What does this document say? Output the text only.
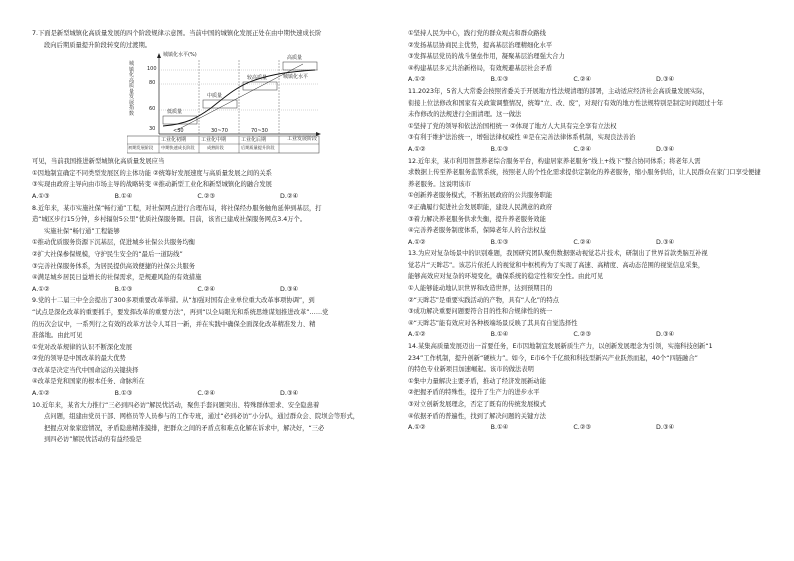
7.下面是新型城镇化高质量发展的四个阶段规律示意图。当前中国的城镇化发展正处在由中期快速成长阶

段向后期质量提升阶段转变的过渡期。

城镇化水平(%)
100
80
60
30
城镇化高质量发展指数
高质量
较高质量
中质量
低质量
城镇化水平
工业发展阶段
<30	30~70	70~30
工业化初期	工业化中期	工业化后期
初期发展阶段 中期快速成长阶段	成熟阶段	后期质量提升阶段

可见，当前我国推进新型城镇化高质量发展应当

①因地制宜确定不同类型发展区的主体功能 ②统筹好发展速度与高质量发展之间的关系

③实现由政府主导向由市场主导的战略转变 ④推动新型工业化和新型城镇化的融合发展

A.①③	B.①④	C.②③	D.②④

8.近年来，某市实施社保“畅行通”工程，对社保网点进行合理布局，将社保经办服务触角延伸到基层，打

造“城区步行15分钟，乡村辐射5公里”优质社保服务圈。目前，该省已建成社保服务网点3.4万个。

实施社保“畅行通”工程能够

①推动优质服务资源下沉基层，促进城乡社保公共服务均衡

②扩大社保参保规模，守护民生安全的“最后一道防线”

③完善社保服务体系，为居民提供高效便捷的社保公共服务

④满足城乡居民日益增长的社保需求，是规避风险的有效措施

A.①②	B.①③	C.②④	D.③④

9.党的十二届三中全会提出了300多项重要改革举措。从“加强对国有企业单位重大改革事项协调”，到

“试点是深化改革的重要抓手，要发挥改革的重要方法”，再到“以全局眼光和系统思维谋划推进改革”……党

的历次会议中，一系列行之有效的改革方法令人耳目一新，并在实践中确保全面深化改革精准发力、精

准落地。由此可见

①党对改革规律的认识不断深化发展

②党的领导是中国改革的最大优势

③改革是决定当代中国命运的关键抉择

④改革是党和国家的根本任务、命脉所在

A.①②	B.①③	C.②④	D.③④

10.近年来，某省大力推行“三必到四必访”解民忧活动，聚焦手套问题突出、特殊群体需求、安全隐患着

点问题，组建由党员干部、网格员等人员参与的工作专班，通过“必到必访”小分队，通过群众会、院坝会等形式，

把握点对象家庭情况，矛盾隐患精准摸排，把群众之间的矛盾点和难点化解在诉求中，解决好，“三必

到四必访”解民忧活动的有益经验是

①坚持人民为中心，践行党的群众观点和群众路线

②发扬基层协商民主优势，提高基层治理精细化水平

③发挥基层党员的战斗堡垒作用，凝聚基层治理强大合力

④构建基层多元共治新格局，有效规避基层社会矛盾

A.①②	B.①③	C.②④	D.③④

11.2023年，5省人大常委会按照省委关于开展地方性法规清理的部署，主动适应经济社会高质量发展实际，

衔接上位法修改和国家有关政策调整情况，统筹“立、改、废”，对现行有效的地方性法规特别是制定时间超过十年

未作修改的法规进行全面清理。这一做法

①坚持了党的领导和依法治国相统一 ②体现了地方人大具有完全享有立法权

③有利于维护法治统一，增强法律权威性 ④是在完善法律体系机制，实现良法善治

A.①②	B.①③	C.②④	D.③④

12.近年来，某市利用智慧养老综合服务平台，构建居家养老服务“线上+线下”整合协同体系；将老年人需

求数据上传至养老服务监管系统，按照老人的个性化需求提供定制化的养老服务，缩小服务供给，让人民群众在家门口享受便捷

养老服务。这说明该市

①创新养老服务模式，不断拓展政府的公共服务职能

②正确履行促进社会发展职能，建设人民满意的政府

③着力解决养老服务供求失衡，提升养老服务效能

④完善养老服务制度体系，保障老年人的合法权益

A.①②	B.①③	C.②④	D.③④

13.为应对复杂场景中的识别难题，我国研究团队聚焦数据驱动视觉芯片技术，研制出了世界首款类脑互补视

觉芯片“天眸芯”。该芯片依托人的视觉和中枢机构为了实现了高速、高精度、高动态范围的视觉信息采集，

能够高效应对复杂的环境变化，确保系统的稳定性和安全性。由此可见

①人能够能动地认识世界和改造世界，达到预期目的

②“天眸芯”是重要实践活动的产物，具有“人化”的特点

③成功解决重要问题要符合目的性和合规律性的统一

④“天眸芯”能有效应对各种极端场景反映了其具有自觉选择性

A.①②	B.①④	C.②③	D.③④

14.某集高质量发展迈出一首要任务，E市因地制宜发展新质生产力，以创新发展理念为引领，实施科技创新“1

234”工作机制，提升创新“硬核力”。如今，E市6个千亿级和科技型新兴产业跃然而起，40个“四链融合”

的特色专业新项目加速崛起。该市的做法表明

①集中力量解决主要矛盾，推动了经济发展新动能

②把握矛盾的特殊性，提升了生产力的进步水平

③对立创新发展理念，否定了既有的传统发展模式

④依据矛盾的普遍性，找到了解决问题的关键方法

A.①②	B.①④	C.②③	D.③④
